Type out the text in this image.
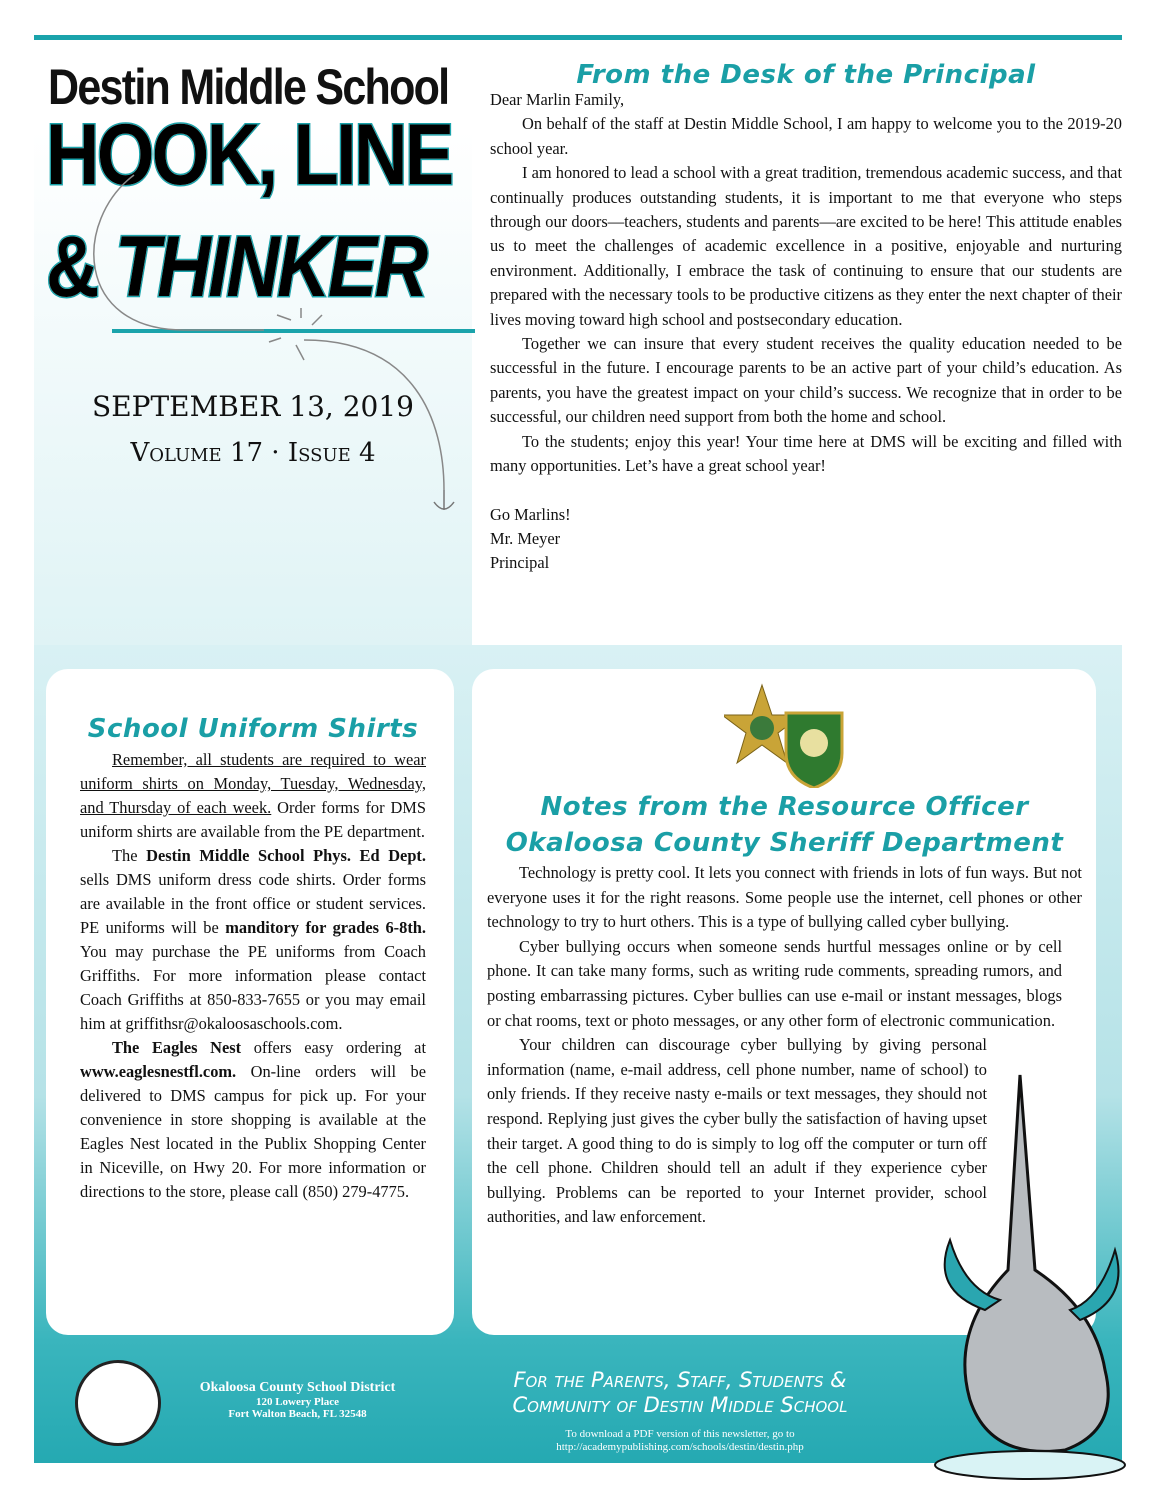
Destin Middle School
HOOK, LINE
& THINKER
SEPTEMBER 13, 2019
Volume 17 · Issue 4
From the Desk of the Principal

Dear Marlin Family,

On behalf of the staff at Destin Middle School, I am happy to welcome you to the 2019-20 school year.

I am honored to lead a school with a great tradition, tremendous academic success, and that continually produces outstanding students, it is important to me that everyone who steps through our doors—teachers, students and parents—are excited to be here! This attitude enables us to meet the challenges of academic excellence in a positive, enjoyable and nurturing environment. Additionally, I embrace the task of continuing to ensure that our students are prepared with the necessary tools to be productive citizens as they enter the next chapter of their lives moving toward high school and postsecondary education.

Together we can insure that every student receives the quality education needed to be successful in the future. I encourage parents to be an active part of your child’s education. As parents, you have the greatest impact on your child’s success. We recognize that in order to be successful, our children need support from both the home and school.

To the students; enjoy this year! Your time here at DMS will be exciting and filled with many opportunities. Let’s have a great school year!

Go Marlins!

Mr. Meyer

Principal

School Uniform Shirts

Remember, all students are required to wear uniform shirts on Monday, Tuesday, Wednesday, and Thursday of each week. Order forms for DMS uniform shirts are available from the PE department.

The Destin Middle School Phys. Ed Dept. sells DMS uniform dress code shirts. Order forms are available in the front office or student services. PE uniforms will be manditory for grades 6-8th. You may purchase the PE uniforms from Coach Griffiths. For more information please contact Coach Griffiths at 850-833-7655 or you may email him at griffithsr@okaloosaschools.com.

The Eagles Nest offers easy ordering at www.eaglesnestfl.com. On-line orders will be delivered to DMS campus for pick up. For your convenience in store shopping is available at the Eagles Nest located in the Publix Shopping Center in Niceville, on Hwy 20. For more information or directions to the store, please call (850) 279-4775.

Notes from the Resource Officer
Okaloosa County Sheriff Department

Technology is pretty cool. It lets you connect with friends in lots of fun ways. But not everyone uses it for the right reasons. Some people use the internet, cell phones or other technology to try to hurt others. This is a type of bullying called cyber bullying.

Cyber bullying occurs when someone sends hurtful messages online or by cell phone. It can take many forms, such as writing rude comments, spreading rumors, and posting embarrassing pictures. Cyber bullies can use e-mail or instant messages, blogs or chat rooms, text or photo messages, or any other form of electronic communication.

Your children can discourage cyber bullying by giving personal information (name, e-mail address, cell phone number, name of school) to only friends. If they receive nasty e-mails or text messages, they should not respond. Replying just gives the cyber bully the satisfaction of having upset their target. A good thing to do is simply to log off the computer or turn off the cell phone. Children should tell an adult if they experience cyber bullying. Problems can be reported to your Internet provider, school authorities, and law enforcement.

Okaloosa County School District
120 Lowery Place
Fort Walton Beach, FL 32548
For the Parents, Staff, Students &
Community of Destin Middle School
To download a PDF version of this newsletter, go to
http://academypublishing.com/schools/destin/destin.php
